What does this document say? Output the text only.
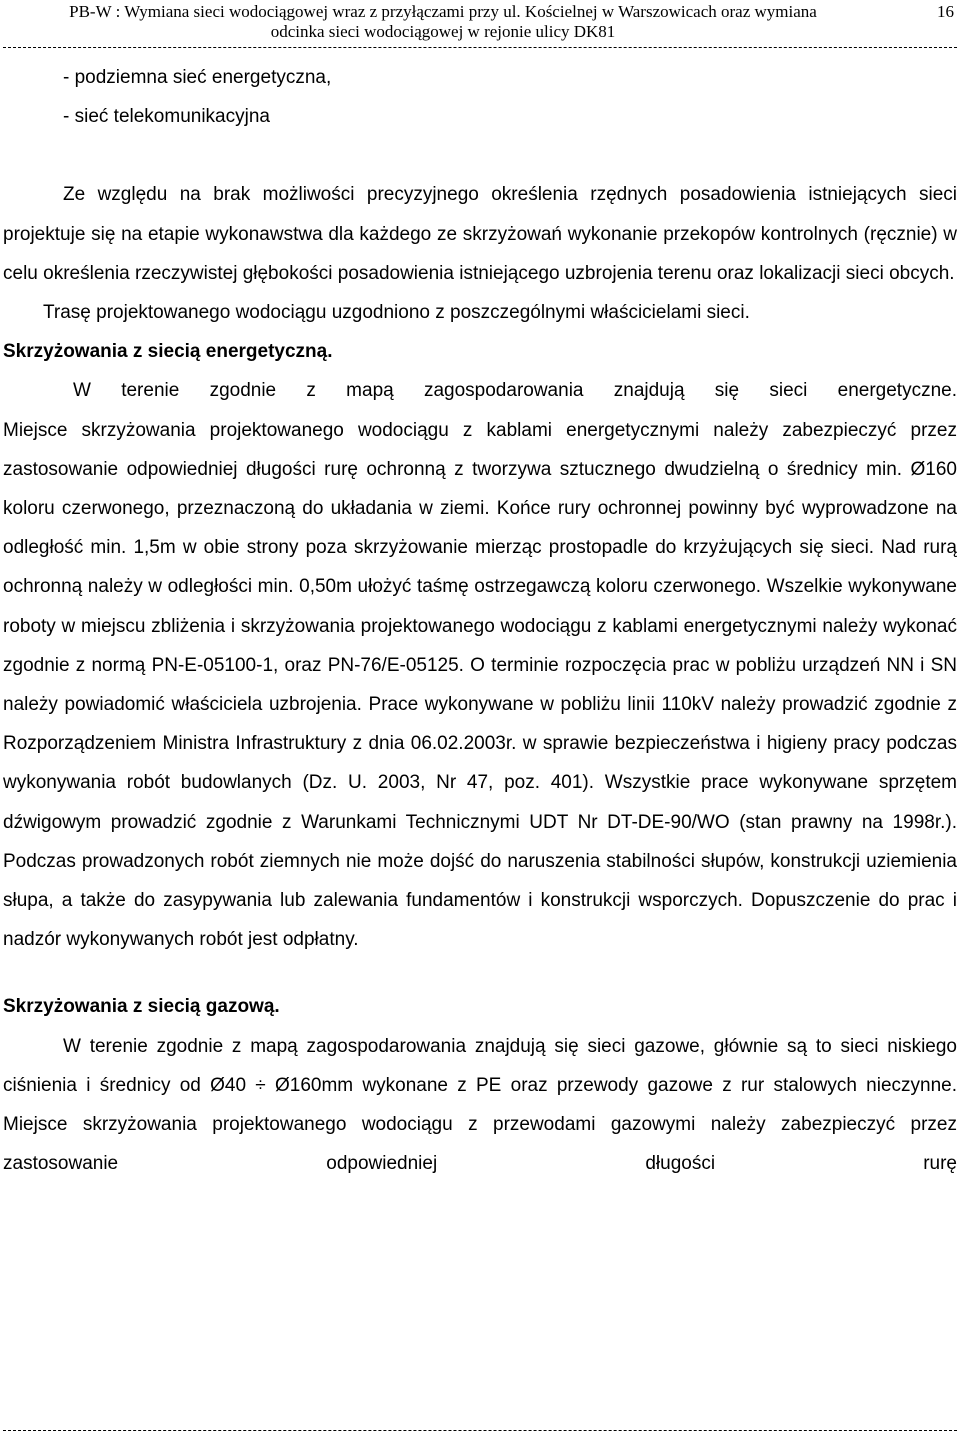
PB-W : Wymiana sieci wodociągowej wraz z przyłączami przy ul. Kościelnej w Warszowicach oraz wymiana
odcinka sieci wodociągowej w rejonie ulicy DK81
16

- podziemna sieć energetyczna,

- sieć telekomunikacyjna

Ze względu na brak możliwości precyzyjnego określenia rzędnych posadowienia istniejących sieci projektuje się na etapie wykonawstwa dla każdego ze skrzyżowań wykonanie przekopów kontrolnych (ręcznie) w celu określenia rzeczywistej głębokości posadowienia istniejącego uzbrojenia terenu oraz lokalizacji sieci obcych.

Trasę projektowanego wodociągu uzgodniono z poszczególnymi właścicielami sieci.

Skrzyżowania z siecią energetyczną.

W terenie zgodnie z mapą zagospodarowania znajdują się sieci energetyczne.

Miejsce skrzyżowania projektowanego wodociągu z kablami energetycznymi należy zabezpieczyć przez zastosowanie odpowiedniej długości rurę ochronną z tworzywa sztucznego dwudzielną o średnicy min. Ø160 koloru czerwonego, przeznaczoną do układania w ziemi. Końce rury ochronnej powinny być wyprowadzone na odległość min. 1,5m w obie strony poza skrzyżowanie mierząc prostopadle do krzyżujących się sieci. Nad rurą ochronną należy w odległości min. 0,50m ułożyć taśmę ostrzegawczą koloru czerwonego. Wszelkie wykonywane roboty w miejscu zbliżenia i skrzyżowania projektowanego wodociągu z kablami energetycznymi należy wykonać zgodnie z normą PN-E-05100-1, oraz PN-76/E-05125. O terminie rozpoczęcia prac w pobliżu urządzeń NN i SN należy powiadomić właściciela uzbrojenia. Prace wykonywane w pobliżu linii 110kV należy prowadzić zgodnie z Rozporządzeniem Ministra Infrastruktury z dnia 06.02.2003r. w sprawie bezpieczeństwa i higieny pracy podczas wykonywania robót budowlanych (Dz. U. 2003, Nr 47, poz. 401). Wszystkie prace wykonywane sprzętem dźwigowym prowadzić zgodnie z Warunkami Technicznymi UDT Nr DT-DE-90/WO (stan prawny na 1998r.). Podczas prowadzonych robót ziemnych nie może dojść do naruszenia stabilności słupów, konstrukcji uziemienia słupa, a także do zasypywania lub zalewania fundamentów i konstrukcji wsporczych. Dopuszczenie do prac i nadzór wykonywanych robót jest odpłatny.

Skrzyżowania z siecią gazową.

W terenie zgodnie z mapą zagospodarowania znajdują się sieci gazowe, głównie są to sieci niskiego ciśnienia i średnicy od Ø40 ÷ Ø160mm wykonane z PE oraz przewody gazowe z rur stalowych nieczynne. Miejsce skrzyżowania projektowanego wodociągu z przewodami gazowymi należy zabezpieczyć przez zastosowanie odpowiedniej długości rurę
